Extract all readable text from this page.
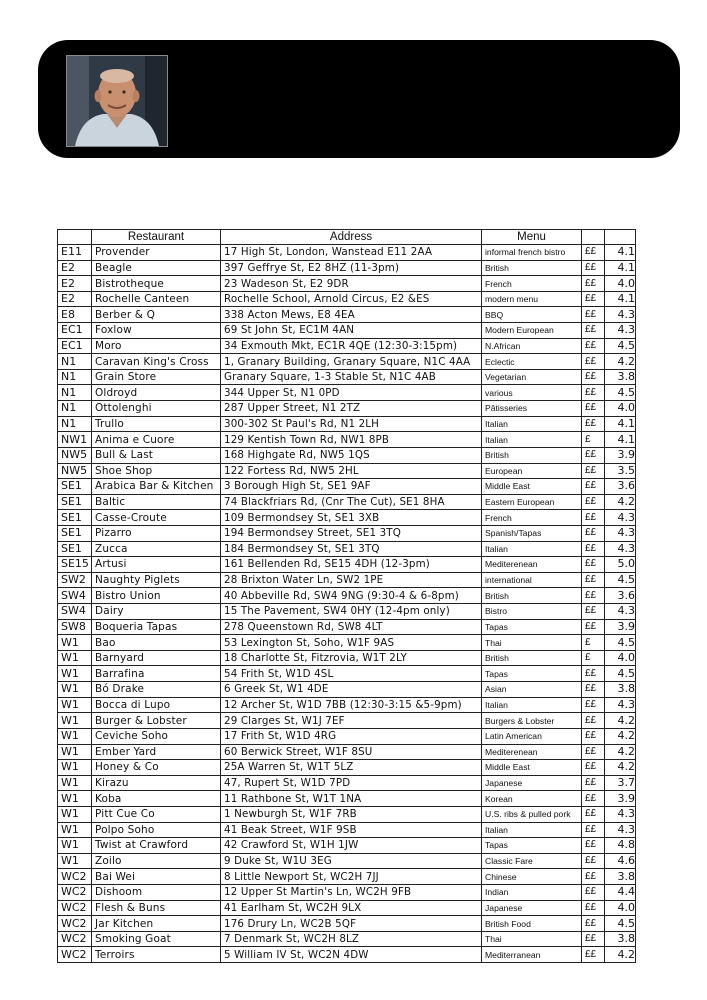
	Restaurant	Address	Menu		
E11	Provender	17 High St, London, Wanstead E11 2AA	informal french bistro	££	4.1
E2	Beagle	397 Geffrye St, E2 8HZ (11-3pm)	British	££	4.1
E2	Bistrotheque	23 Wadeson St, E2 9DR	French	££	4.0
E2	Rochelle Canteen	Rochelle School, Arnold Circus, E2 &ES	modern menu	££	4.1
E8	Berber & Q	338 Acton Mews, E8 4EA	BBQ	££	4.3
EC1	Foxlow	69 St John St, EC1M 4AN	Modern European	££	4.3
EC1	Moro	34 Exmouth Mkt, EC1R 4QE (12:30-3:15pm)	N.African	££	4.5
N1	Caravan King's Cross	1, Granary Building, Granary Square, N1C 4AA	Eclectic	££	4.2
N1	Grain Store	Granary Square, 1-3 Stable St, N1C 4AB	Vegetarian	££	3.8
N1	Oldroyd	344 Upper St, N1 0PD	various	££	4.5
N1	Ottolenghi	287 Upper Street, N1 2TZ	Pâtisseries	££	4.0
N1	Trullo	300-302 St Paul's Rd, N1 2LH	Italian	££	4.1
NW1	Anima e Cuore	129 Kentish Town Rd, NW1 8PB	Italian	£	4.1
NW5	Bull & Last	168 Highgate Rd, NW5 1QS	British	££	3.9
NW5	Shoe Shop	122 Fortess Rd, NW5 2HL	European	££	3.5
SE1	Arabica Bar & Kitchen	3 Borough High St, SE1 9AF	Middle East	££	3.6
SE1	Baltic	74 Blackfriars Rd, (Cnr The Cut), SE1 8HA	Eastern European	££	4.2
SE1	Casse-Croute	109 Bermondsey St, SE1 3XB	French	££	4.3
SE1	Pizarro	194 Bermondsey Street, SE1 3TQ	Spanish/Tapas	££	4.3
SE1	Zucca	184 Bermondsey St, SE1 3TQ	Italian	££	4.3
SE15	Artusi	161 Bellenden Rd, SE15 4DH (12-3pm)	Mediterenean	££	5.0
SW2	Naughty Piglets	28 Brixton Water Ln, SW2 1PE	international	££	4.5
SW4	Bistro Union	40 Abbeville Rd, SW4 9NG (9:30-4 & 6-8pm)	British	££	3.6
SW4	Dairy	15 The Pavement, SW4 0HY (12-4pm only)	Bistro	££	4.3
SW8	Boqueria Tapas	278 Queenstown Rd, SW8 4LT	Tapas	££	3.9
W1	Bao	53 Lexington St, Soho, W1F 9AS	Thai	£	4.5
W1	Barnyard	18 Charlotte St, Fitzrovia, W1T 2LY	British	£	4.0
W1	Barrafina	54 Frith St, W1D 4SL	Tapas	££	4.5
W1	Bó Drake	6 Greek St, W1 4DE	Asian	££	3.8
W1	Bocca di Lupo	12 Archer St, W1D 7BB (12:30-3:15 &5-9pm)	Italian	££	4.3
W1	Burger & Lobster	29 Clarges St, W1J 7EF	Burgers & Lobster	££	4.2
W1	Ceviche Soho	17 Frith St, W1D 4RG	Latin American	££	4.2
W1	Ember Yard	60 Berwick Street, W1F 8SU	Mediterenean	££	4.2
W1	Honey & Co	25A Warren St, W1T 5LZ	Middle East	££	4.2
W1	Kirazu	47, Rupert St, W1D 7PD	Japanese	££	3.7
W1	Koba	11 Rathbone St, W1T 1NA	Korean	££	3.9
W1	Pitt Cue Co	1 Newburgh St, W1F 7RB	U.S. ribs & pulled pork	££	4.3
W1	Polpo Soho	41 Beak Street, W1F 9SB	Italian	££	4.3
W1	Twist at Crawford	42 Crawford St, W1H 1JW	Tapas	££	4.8
W1	Zoilo	9 Duke St, W1U 3EG	Classic Fare	££	4.6
WC2	Bai Wei	8 Little Newport St, WC2H 7JJ	Chinese	££	3.8
WC2	Dishoom	12 Upper St Martin's Ln, WC2H 9FB	Indian	££	4.4
WC2	Flesh & Buns	41 Earlham St, WC2H 9LX	Japanese	££	4.0
WC2	Jar Kitchen	176 Drury Ln, WC2B 5QF	British Food	££	4.5
WC2	Smoking Goat	7 Denmark St, WC2H 8LZ	Thai	££	3.8
WC2	Terroirs	5 William IV St, WC2N 4DW	Mediterranean	££	4.2
